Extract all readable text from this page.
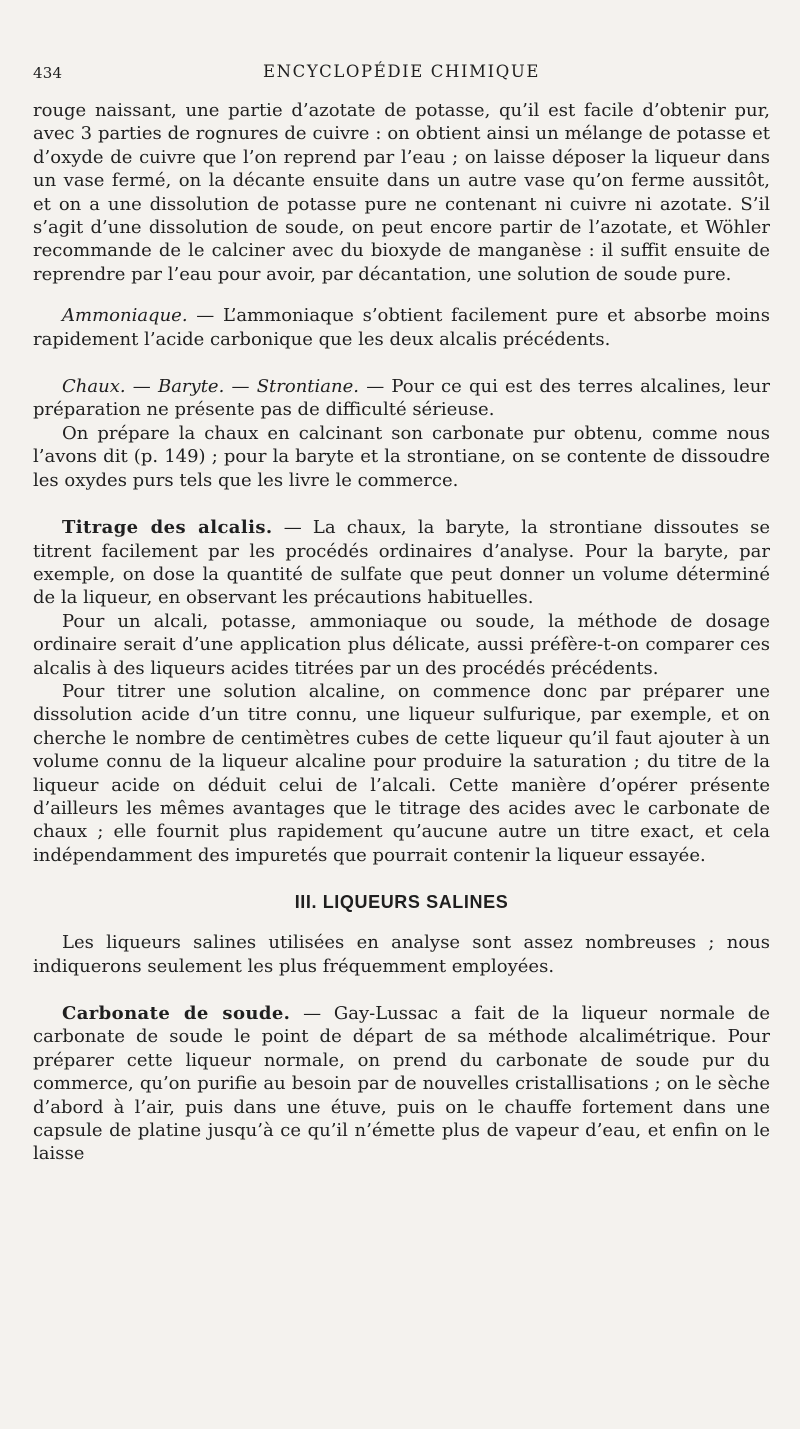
434	ENCYCLOPÉDIE CHIMIQUE

rouge naissant, une partie d’azotate de potasse, qu’il est facile d’obtenir pur, avec 3 parties de rognures de cuivre : on obtient ainsi un mélange de potasse et d’oxyde de cuivre que l’on reprend par l’eau ; on laisse déposer la liqueur dans un vase fermé, on la décante ensuite dans un autre vase qu’on ferme aussitôt, et on a une dissolution de potasse pure ne contenant ni cuivre ni azotate. S’il s’agit d’une dissolution de soude, on peut encore partir de l’azotate, et Wöhler recommande de le calciner avec du bioxyde de manganèse : il suffit ensuite de reprendre par l’eau pour avoir, par décantation, une solution de soude pure.

Ammoniaque. — L’ammoniaque s’obtient facilement pure et absorbe moins rapidement l’acide carbonique que les deux alcalis précédents.

Chaux. — Baryte. — Strontiane. — Pour ce qui est des terres alcalines, leur préparation ne présente pas de difficulté sérieuse.

On prépare la chaux en calcinant son carbonate pur obtenu, comme nous l’avons dit (p. 149) ; pour la baryte et la strontiane, on se contente de dissoudre les oxydes purs tels que les livre le commerce.

Titrage des alcalis. — La chaux, la baryte, la strontiane dissoutes se titrent facilement par les procédés ordinaires d’analyse. Pour la baryte, par exemple, on dose la quantité de sulfate que peut donner un volume déterminé de la liqueur, en observant les précautions habituelles.

Pour un alcali, potasse, ammoniaque ou soude, la méthode de dosage ordinaire serait d’une application plus délicate, aussi préfère-t-on comparer ces alcalis à des liqueurs acides titrées par un des procédés précédents.

Pour titrer une solution alcaline, on commence donc par préparer une dissolution acide d’un titre connu, une liqueur sulfurique, par exemple, et on cherche le nombre de centimètres cubes de cette liqueur qu’il faut ajouter à un volume connu de la liqueur alcaline pour produire la saturation ; du titre de la liqueur acide on déduit celui de l’alcali. Cette manière d’opérer présente d’ailleurs les mêmes avantages que le titrage des acides avec le carbonate de chaux ; elle fournit plus rapidement qu’aucune autre un titre exact, et cela indépendamment des impuretés que pourrait contenir la liqueur essayée.

III. LIQUEURS SALINES

Les liqueurs salines utilisées en analyse sont assez nombreuses ; nous indiquerons seulement les plus fréquemment employées.

Carbonate de soude. — Gay-Lussac a fait de la liqueur normale de carbonate de soude le point de départ de sa méthode alcalimétrique. Pour préparer cette liqueur normale, on prend du carbonate de soude pur du commerce, qu’on purifie au besoin par de nouvelles cristallisations ; on le sèche d’abord à l’air, puis dans une étuve, puis on le chauffe fortement dans une capsule de platine jusqu’à ce qu’il n’émette plus de vapeur d’eau, et enfin on le laisse
